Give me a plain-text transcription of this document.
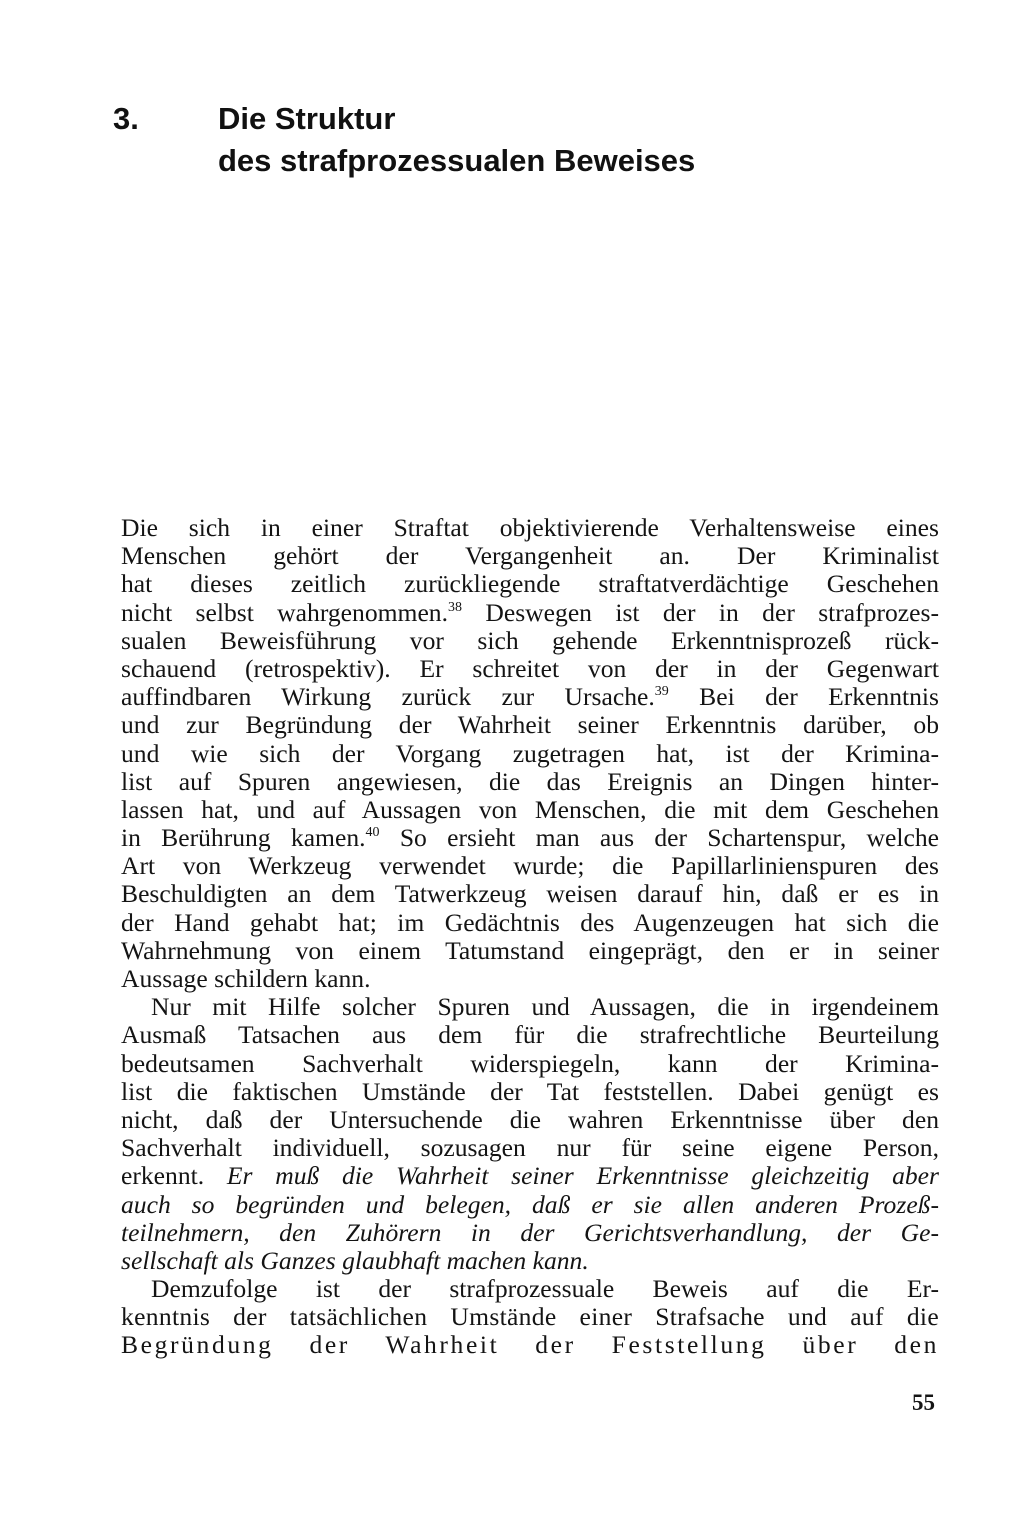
3.	Die Struktur
des strafprozessualen Beweises
Die sich in einer Straftat objektivierende Verhaltensweise eines
Menschen gehört der Vergangenheit an. Der Kriminalist
hat dieses zeitlich zurückliegende straftatverdächtige Geschehen
nicht selbst wahrgenommen.$^{38}$ Deswegen ist der in der strafprozes-
sualen Beweisführung vor sich gehende Erkenntnisprozeß rück-
schauend (retrospektiv). Er schreitet von der in der Gegenwart
auffindbaren Wirkung zurück zur Ursache.$^{39}$ Bei der Erkenntnis
und zur Begründung der Wahrheit seiner Erkenntnis darüber, ob
und wie sich der Vorgang zugetragen hat, ist der Krimina-
list auf Spuren angewiesen, die das Ereignis an Dingen hinter-
lassen hat, und auf Aussagen von Menschen, die mit dem Geschehen
in Berührung kamen.$^{40}$ So ersieht man aus der Schartenspur, welche
Art von Werkzeug verwendet wurde; die Papillarlinienspuren des
Beschuldigten an dem Tatwerkzeug weisen darauf hin, daß er es in
der Hand gehabt hat; im Gedächtnis des Augenzeugen hat sich die
Wahrnehmung von einem Tatumstand eingeprägt, den er in seiner
Aussage schildern kann.
Nur mit Hilfe solcher Spuren und Aussagen, die in irgendeinem
Ausmaß Tatsachen aus dem für die strafrechtliche Beurteilung
bedeutsamen Sachverhalt widerspiegeln, kann der Krimina-
list die faktischen Umstände der Tat feststellen. Dabei genügt es
nicht, daß der Untersuchende die wahren Erkenntnisse über den
Sachverhalt individuell, sozusagen nur für seine eigene Person,
erkennt. Er muß die Wahrheit seiner Erkenntnisse gleichzeitig aber
auch so begründen und belegen, daß er sie allen anderen Prozeß-
teilnehmern, den Zuhörern in der Gerichtsverhandlung, der Ge-
sellschaft als Ganzes glaubhaft machen kann.
Demzufolge ist der strafprozessuale Beweis auf die Er-
kenntnis der tatsächlichen Umstände einer Strafsache und auf die
Begründung der Wahrheit der Feststellung über den
55
